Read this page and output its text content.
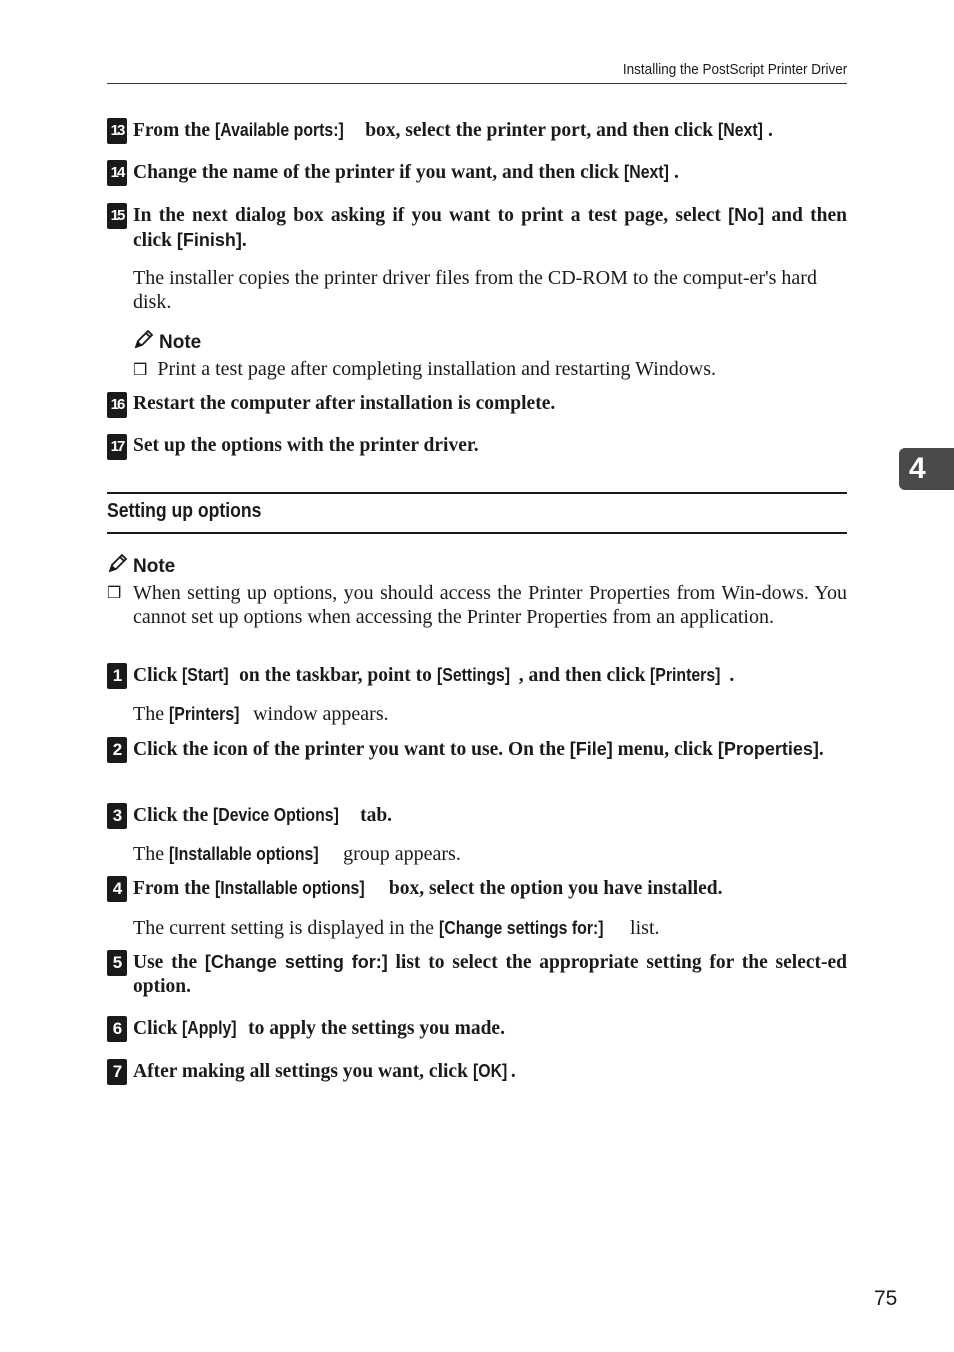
Installing the PostScript Printer Driver
13 From the [Available ports:] box, select the printer port, and then click [Next] .
14 Change the name of the printer if you want, and then click [Next] .
15 In the next dialog box asking if you want to print a test page, select [No] and then click [Finish].
The installer copies the printer driver files from the CD-ROM to the comput-er's hard disk.
Note
❒ Print a test page after completing installation and restarting Windows.
16 Restart the computer after installation is complete.
17 Set up the options with the printer driver.
4
Setting up options
Note
❒ When setting up options, you should access the Printer Properties from Win-dows. You cannot set up options when accessing the Printer Properties from an application.
1 Click [Start] on the taskbar, point to [Settings] , and then click [Printers] .
The [Printers] window appears.
2 Click the icon of the printer you want to use. On the [File] menu, click [Properties].
3 Click the [Device Options] tab.
The [Installable options] group appears.
4 From the [Installable options] box, select the option you have installed.
The current setting is displayed in the [Change settings for:] list.
5 Use the [Change setting for:] list to select the appropriate setting for the select-ed option.
6 Click [Apply] to apply the settings you made.
7 After making all settings you want, click [OK] .
75
